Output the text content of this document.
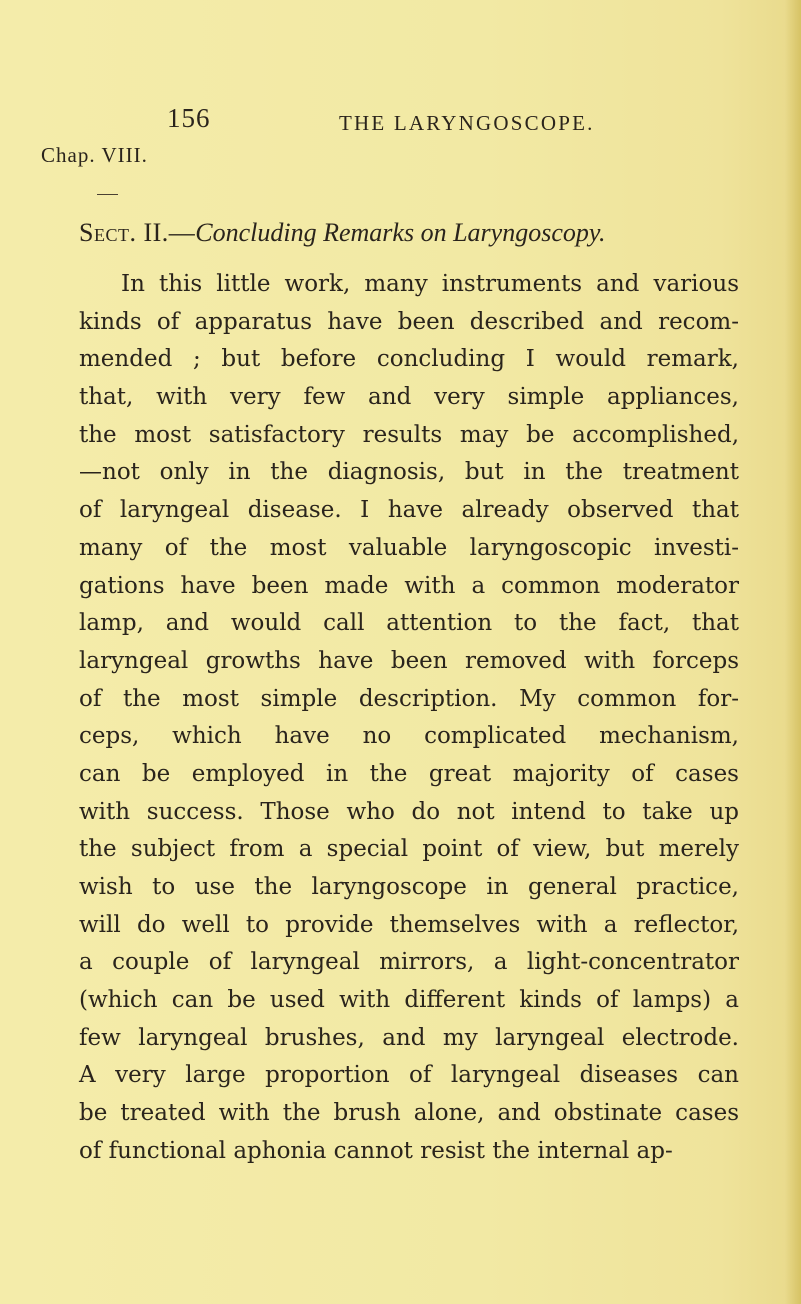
156	THE LARYNGOSCOPE.
Chap. VIII.
Sect. II.—Concluding Remarks on Laryngoscopy.
In this little work, many instruments and various
kinds of apparatus have been described and recom-
mended ; but before concluding I would remark,
that, with very few and very simple appliances,
the most satisfactory results may be accomplished,
—not only in the diagnosis, but in the treatment
of laryngeal disease. I have already observed that
many of the most valuable laryngoscopic investi-
gations have been made with a common moderator
lamp, and would call attention to the fact, that
laryngeal growths have been removed with forceps
of the most simple description. My common for-
ceps, which have no complicated mechanism,
can be employed in the great majority of cases
with success. Those who do not intend to take up
the subject from a special point of view, but merely
wish to use the laryngoscope in general practice,
will do well to provide themselves with a reflector,
a couple of laryngeal mirrors, a light-concentrator
(which can be used with different kinds of lamps) a
few laryngeal brushes, and my laryngeal electrode.
A very large proportion of laryngeal diseases can
be treated with the brush alone, and obstinate cases
of functional aphonia cannot resist the internal ap-
